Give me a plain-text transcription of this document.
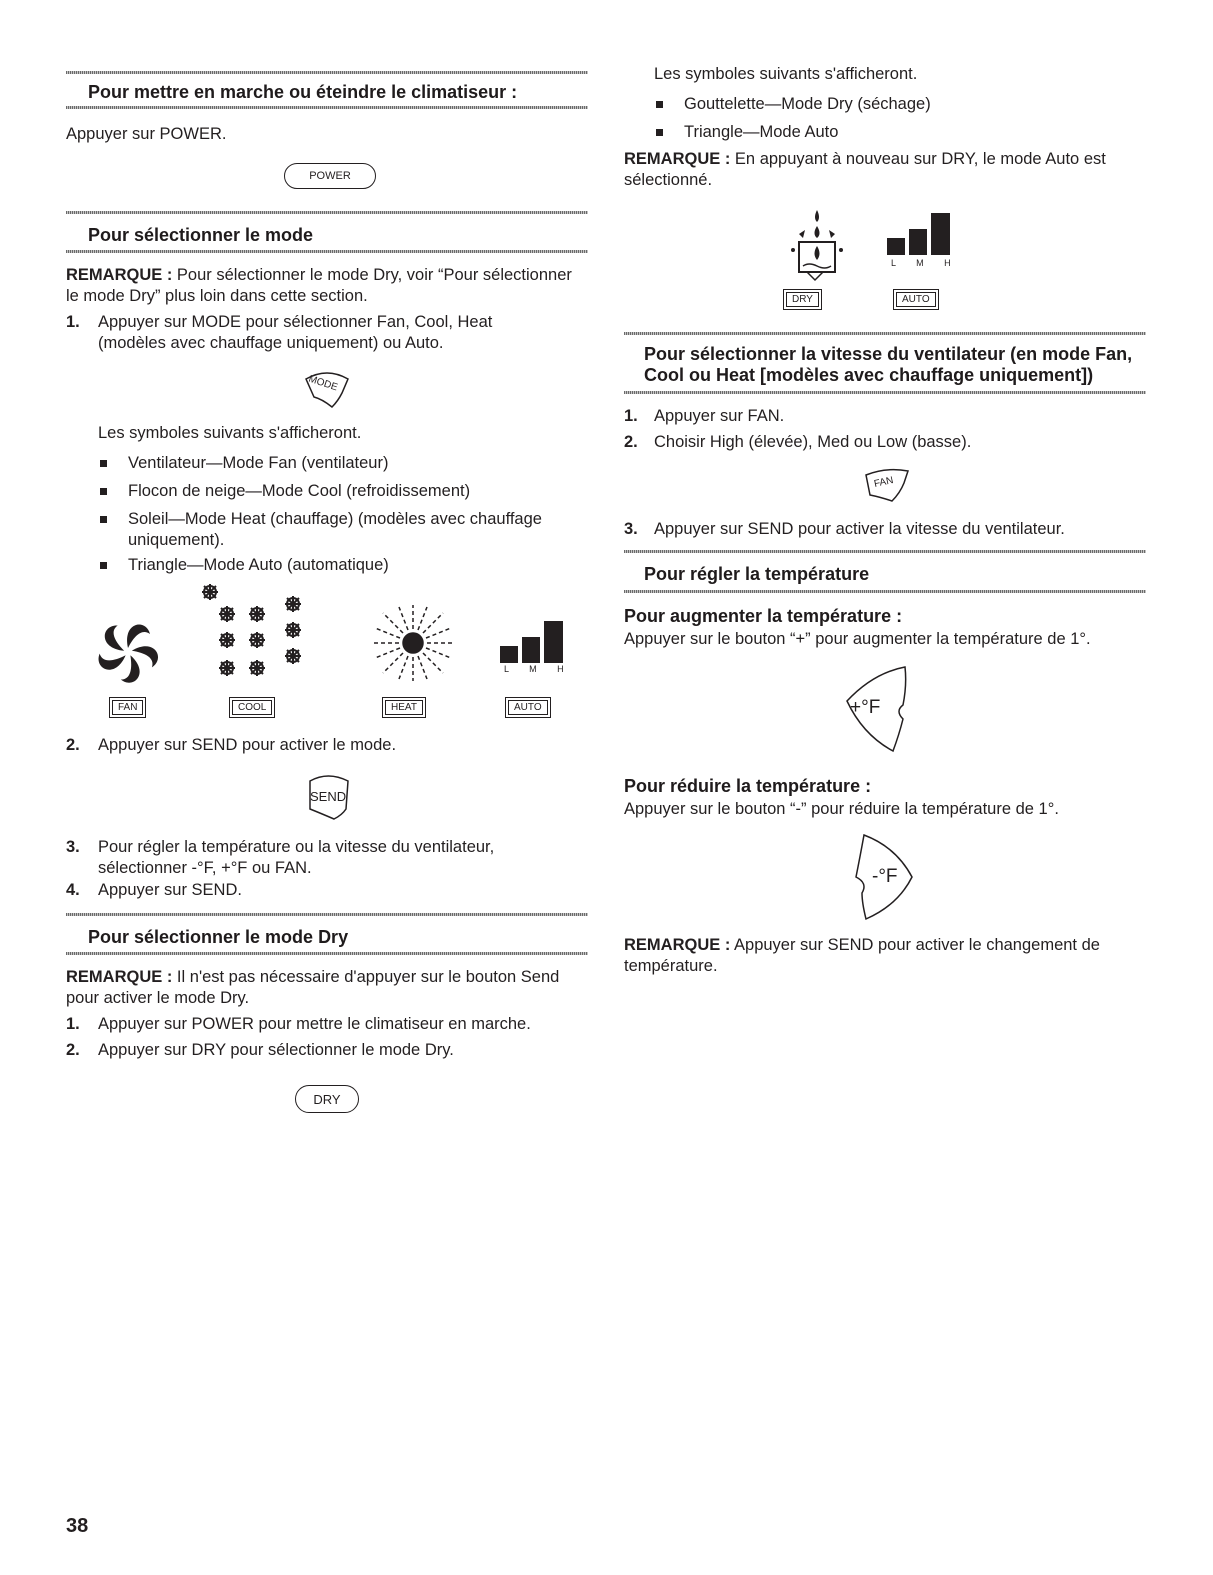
Pour mettre en marche ou éteindre le climatiseur :
Appuyer sur POWER.
POWER
Pour sélectionner le mode
REMARQUE : Pour sélectionner le mode Dry, voir “Pour sélectionner le mode Dry” plus loin dans cette section.
1. Appuyer sur MODE pour sélectionner Fan, Cool, Heat (modèles avec chauffage uniquement) ou Auto.
MODE
Les symboles suivants s'afficheront.
Ventilateur—Mode Fan (ventilateur)
Flocon de neige—Mode Cool (refroidissement)
Soleil—Mode Heat (chauffage) (modèles avec chauffage uniquement).
Triangle—Mode Auto (automatique)
L M H
FAN	COOL	HEAT	AUTO
2. Appuyer sur SEND pour activer le mode.
SEND
3. Pour régler la température ou la vitesse du ventilateur, sélectionner -°F, +°F ou FAN.
4. Appuyer sur SEND.
Pour sélectionner le mode Dry
REMARQUE : Il n'est pas nécessaire d'appuyer sur le bouton Send pour activer le mode Dry.
1. Appuyer sur POWER pour mettre le climatiseur en marche.
2. Appuyer sur DRY pour sélectionner le mode Dry.
DRY
38
Les symboles suivants s'afficheront.
Gouttelette—Mode Dry (séchage)
Triangle—Mode Auto
REMARQUE : En appuyant à nouveau sur DRY, le mode Auto est sélectionné.
L M H
DRY	AUTO
Pour sélectionner la vitesse du ventilateur (en mode Fan, Cool ou Heat [modèles avec chauffage uniquement])
1. Appuyer sur FAN.
2. Choisir High (élevée), Med ou Low (basse).
FAN
3. Appuyer sur SEND pour activer la vitesse du ventilateur.
Pour régler la température
Pour augmenter la température :
Appuyer sur le bouton “+” pour augmenter la température de 1°.
+°F
Pour réduire la température :
Appuyer sur le bouton “-” pour réduire la température de 1°.
-°F
REMARQUE : Appuyer sur SEND pour activer le changement de température.
